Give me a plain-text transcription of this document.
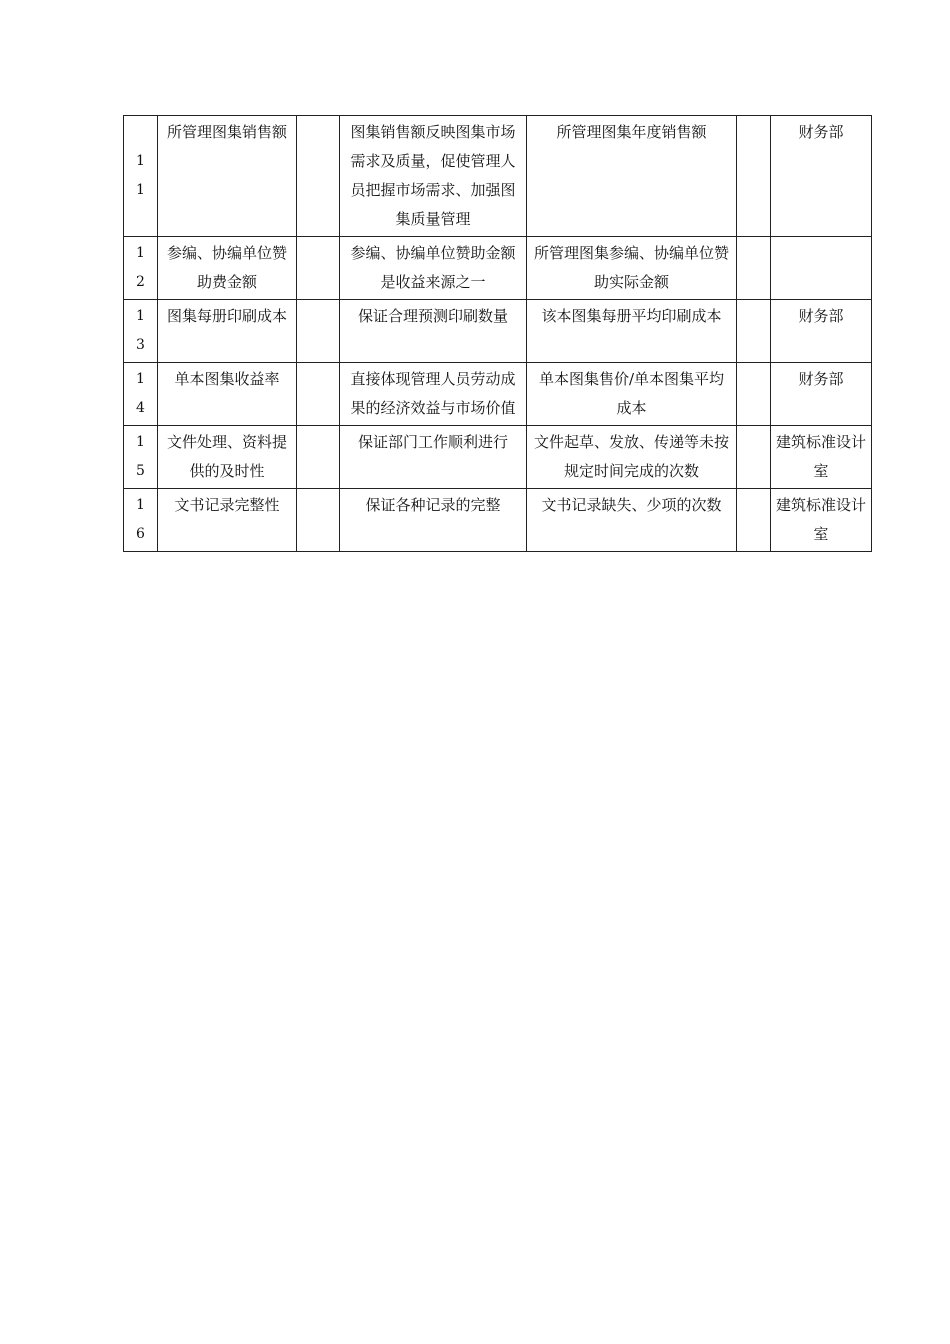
11	所管理图集销售额		图集销售额反映图集市场需求及质量，促使管理人员把握市场需求、加强图集质量管理	所管理图集年度销售额		财务部

12	参编、协编单位赞助费金额		参编、协编单位赞助金额是收益来源之一	所管理图集参编、协编单位赞助实际金额		

13	图集每册印刷成本		保证合理预测印刷数量	该本图集每册平均印刷成本		财务部

14	单本图集收益率		直接体现管理人员劳动成果的经济效益与市场价值	单本图集售价/单本图集平均成本		财务部

15	文件处理、资料提供的及时性		保证部门工作顺利进行	文件起草、发放、传递等未按规定时间完成的次数		建筑标准设计室

16	文书记录完整性		保证各种记录的完整	文书记录缺失、少项的次数		建筑标准设计室
